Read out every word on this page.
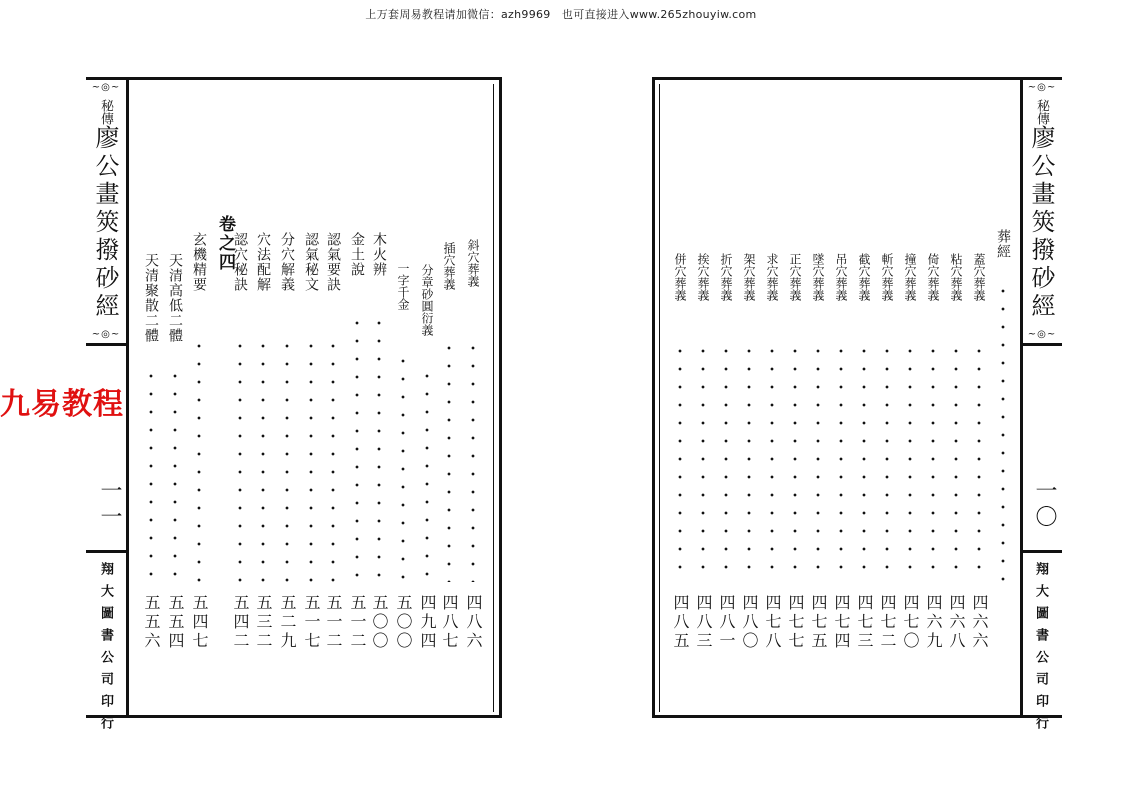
上万套周易教程请加微信：azh9969　也可直接进入www.265zhouyiw.com
~◎~
秘傳廖公畫筴撥砂經
~◎~
一一
翔大圖書公司印行
卷之四	斜穴葬義
四八六
插穴葬義
四八七
分章砂圓衍義
四九四
一字千金
五〇〇
木火辨
五〇〇
金土說
五一二
認氣要訣
五一二
認氣秘文
五一七
分穴解義
五二九
穴法配解
五三二
認穴秘訣
五四二
玄機精要
五四七
天清高低二體
五五四
天清聚散二體
五五六
~◎~
秘傳廖公畫筴撥砂經
~◎~
一〇
翔大圖書公司印行
葬經
蓋穴葬義
四六六
粘穴葬義
四六八
倚穴葬義
四六九
撞穴葬義
四七〇
斬穴葬義
四七二
截穴葬義
四七三
吊穴葬義
四七四
墜穴葬義
四七五
正穴葬義
四七七
求穴葬義
四七八
架穴葬義
四八〇
折穴葬義
四八一
挨穴葬義
四八三
併穴葬義
四八五
九易教程
